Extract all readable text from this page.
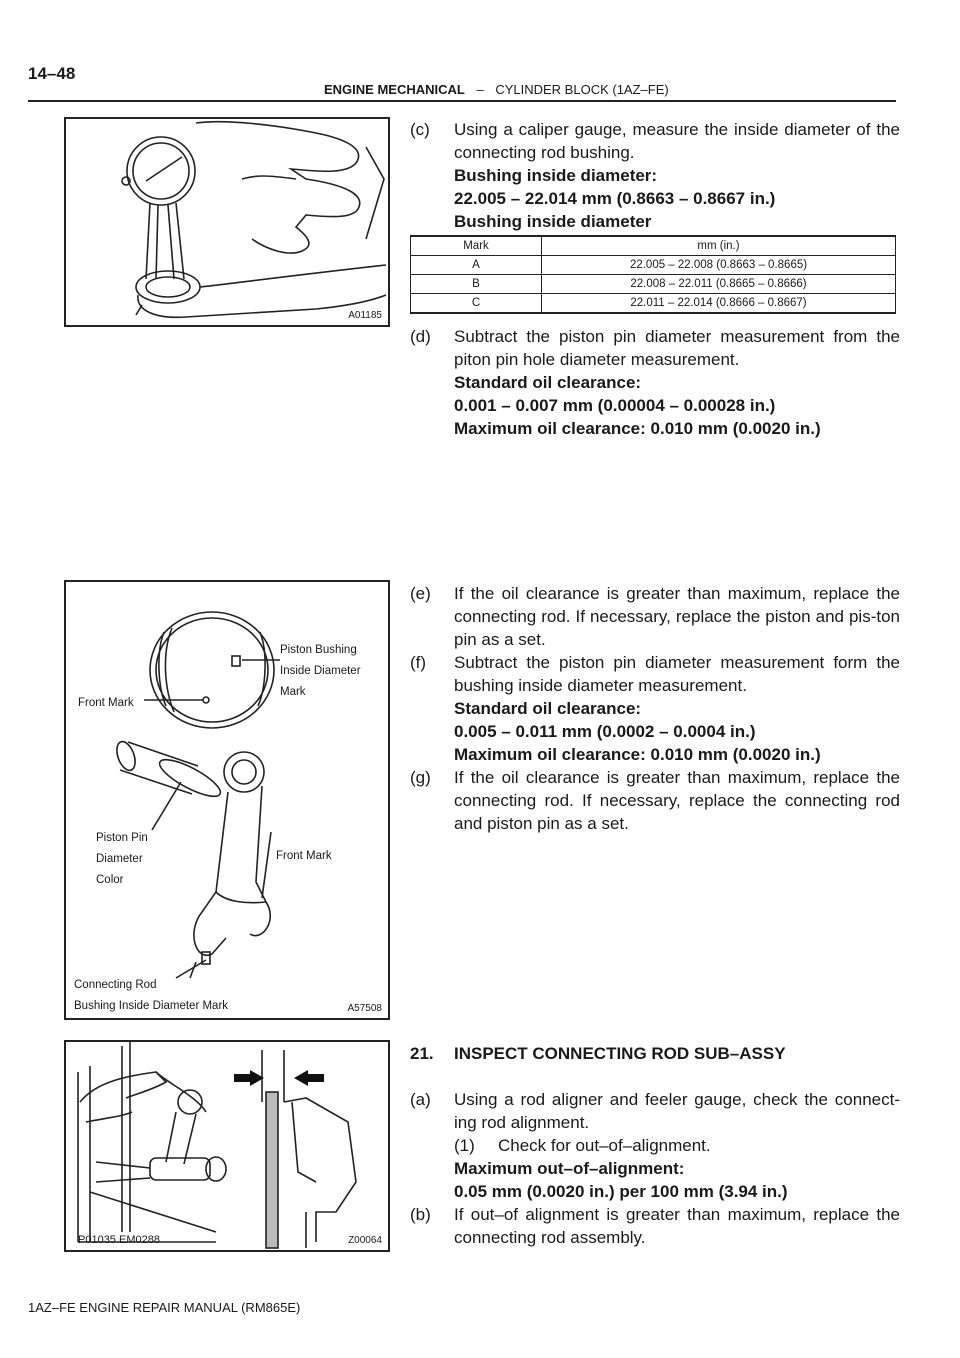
14–48
ENGINE MECHANICAL – CYLINDER BLOCK (1AZ–FE)
A01185
Piston Bushing
Inside Diameter
Mark
Front Mark
Piston Pin
Diameter
Color
Front Mark
Connecting Rod
Bushing Inside Diameter Mark	A57508
P01035 EM0288	Z00064
(c) Using a caliper gauge, measure the inside diameter of the connecting rod bushing.
Bushing inside diameter:
22.005 – 22.014 mm (0.8663 – 0.8667 in.)
Bushing inside diameter
Mark	mm (in.)
A	22.005 – 22.008 (0.8663 – 0.8665)
B	22.008 – 22.011 (0.8665 – 0.8666)
C	22.011 – 22.014 (0.8666 – 0.8667)
(d) Subtract the piston pin diameter measurement from the piton pin hole diameter measurement.
Standard oil clearance:
0.001 – 0.007 mm (0.00004 – 0.00028 in.)
Maximum oil clearance: 0.010 mm (0.0020 in.)
(e) If the oil clearance is greater than maximum, replace the connecting rod. If necessary, replace the piston and pis-ton pin as a set.
(f) Subtract the piston pin diameter measurement form the bushing inside diameter measurement.
Standard oil clearance:
0.005 – 0.011 mm (0.0002 – 0.0004 in.)
Maximum oil clearance: 0.010 mm (0.0020 in.)
(g) If the oil clearance is greater than maximum, replace the connecting rod. If necessary, replace the connecting rod and piston pin as a set.
21. INSPECT CONNECTING ROD SUB–ASSY
(a) Using a rod aligner and feeler gauge, check the connect-ing rod alignment.
(1) Check for out–of–alignment.
Maximum out–of–alignment:
0.05 mm (0.0020 in.) per 100 mm (3.94 in.)
(b) If out–of alignment is greater than maximum, replace the connecting rod assembly.
1AZ–FE ENGINE REPAIR MANUAL (RM865E)
